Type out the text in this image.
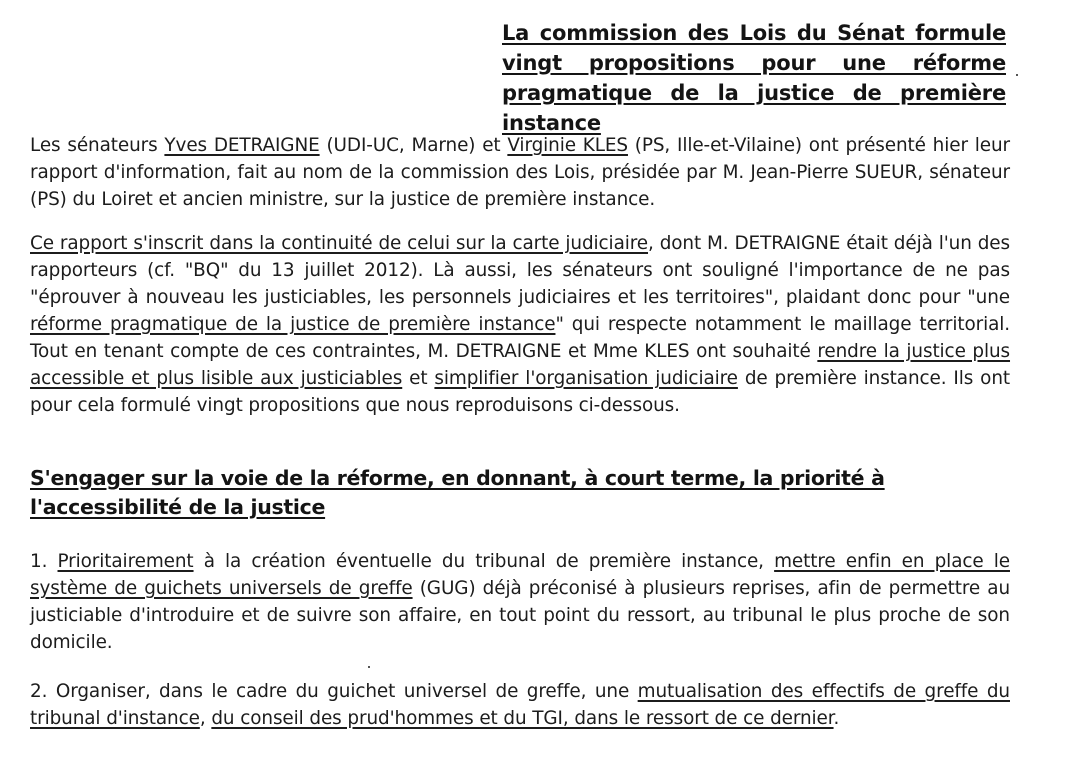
La commission des Lois du Sénat formule vingt propositions pour une réforme pragmatique de la justice de première instance

Les sénateurs Yves DETRAIGNE (UDI-UC, Marne) et Virginie KLES (PS, Ille-et-Vilaine) ont présenté hier leur rapport d'information, fait au nom de la commission des Lois, présidée par M. Jean-Pierre SUEUR, sénateur (PS) du Loiret et ancien ministre, sur la justice de première instance.

Ce rapport s'inscrit dans la continuité de celui sur la carte judiciaire, dont M. DETRAIGNE était déjà l'un des rapporteurs (cf. "BQ" du 13 juillet 2012). Là aussi, les sénateurs ont souligné l'importance de ne pas "éprouver à nouveau les justiciables, les personnels judiciaires et les territoires", plaidant donc pour "une réforme pragmatique de la justice de première instance" qui respecte notamment le maillage territorial. Tout en tenant compte de ces contraintes, M. DETRAIGNE et Mme KLES ont souhaité rendre la justice plus accessible et plus lisible aux justiciables et simplifier l'organisation judiciaire de première instance. Ils ont pour cela formulé vingt propositions que nous reproduisons ci-dessous.

S'engager sur la voie de la réforme, en donnant, à court terme, la priorité à l'accessibilité de la justice

1. Prioritairement à la création éventuelle du tribunal de première instance, mettre enfin en place le système de guichets universels de greffe (GUG) déjà préconisé à plusieurs reprises, afin de permettre au justiciable d'introduire et de suivre son affaire, en tout point du ressort, au tribunal le plus proche de son domicile.

2. Organiser, dans le cadre du guichet universel de greffe, une mutualisation des effectifs de greffe du tribunal d'instance, du conseil des prud'hommes et du TGI, dans le ressort de ce dernier.
